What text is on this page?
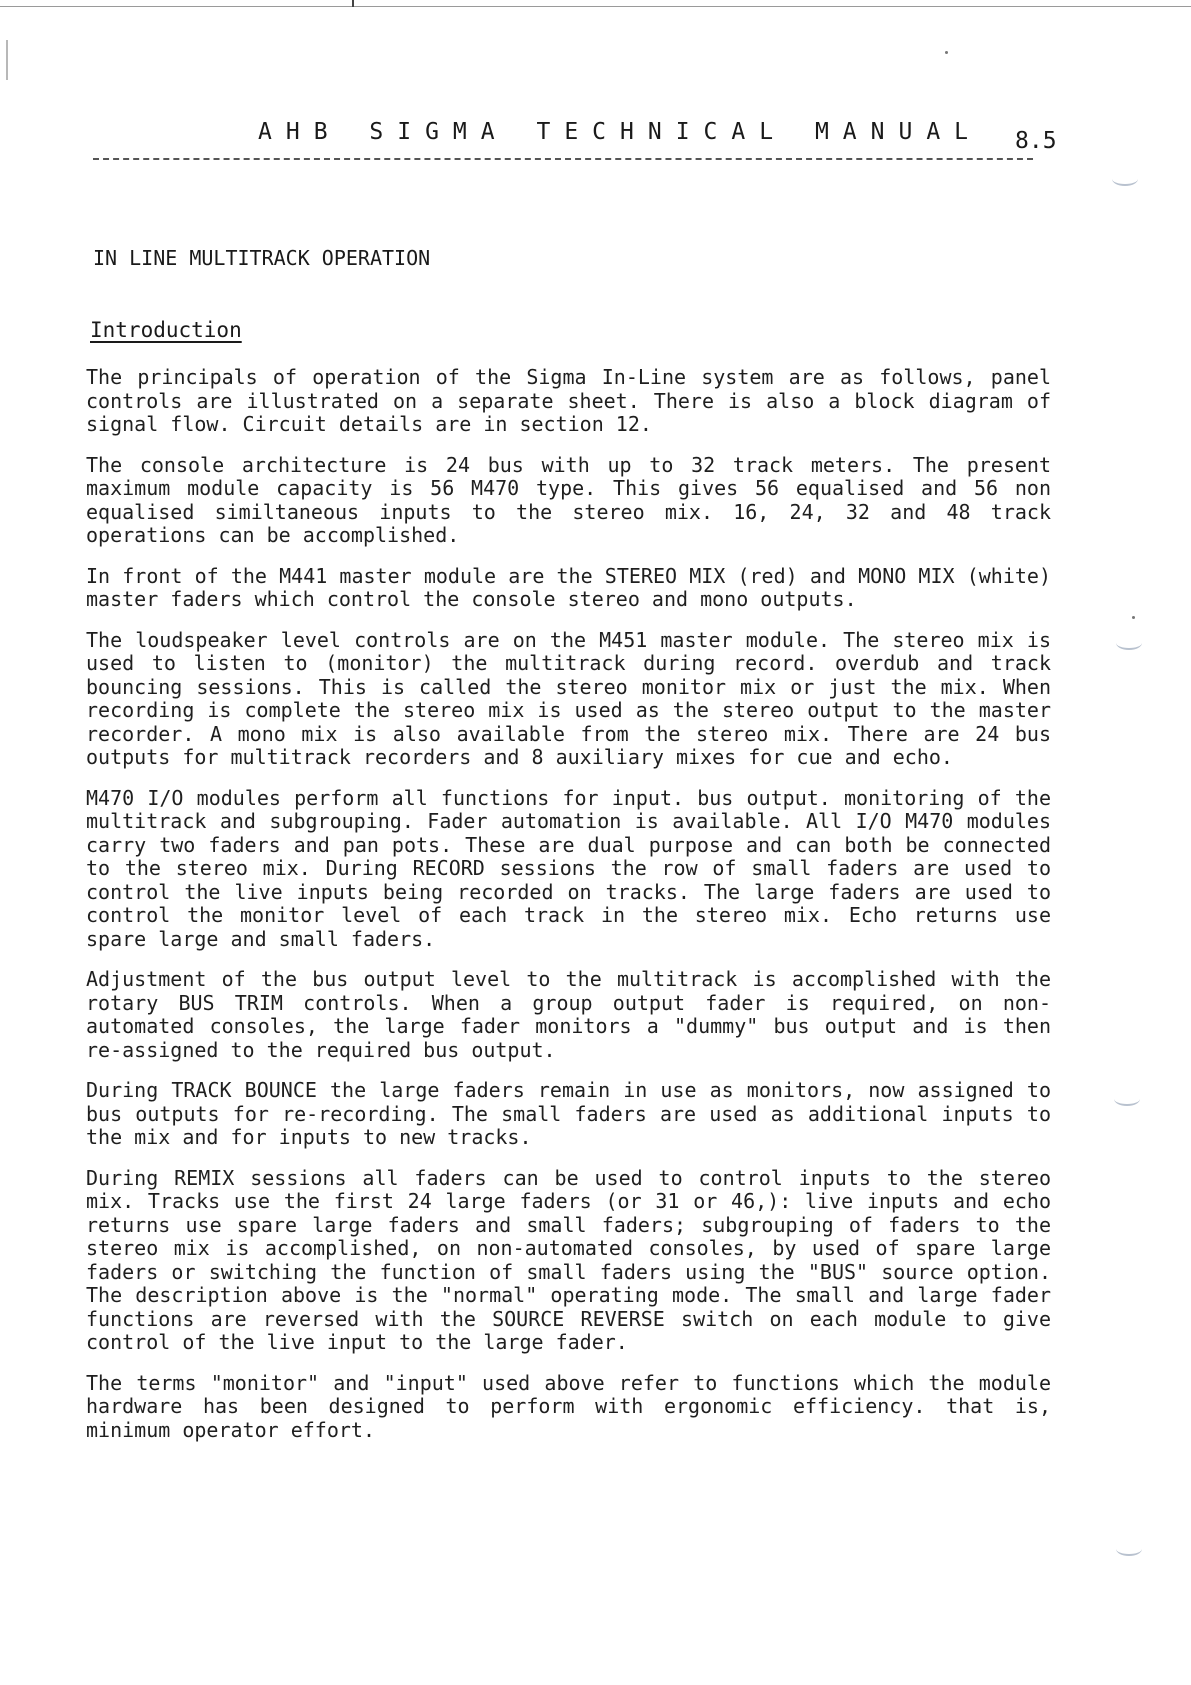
AHB SIGMA TECHNICAL MANUAL 8.5
IN LINE MULTITRACK OPERATION
Introduction

The principals of operation of the Sigma In-Line system are as follows, panel controls are illustrated on a separate sheet. There is also a block diagram of signal flow. Circuit details are in section 12.

The console architecture is 24 bus with up to 32 track meters. The present maximum module capacity is 56 M470 type. This gives 56 equalised and 56 non equalised similtaneous inputs to the stereo mix. 16, 24, 32 and 48 track operations can be accomplished.

In front of the M441 master module are the STEREO MIX (red) and MONO MIX (white) master faders which control the console stereo and mono outputs.

The loudspeaker level controls are on the M451 master module. The stereo mix is used to listen to (monitor) the multitrack during record. overdub and track bouncing sessions. This is called the stereo monitor mix or just the mix. When recording is complete the stereo mix is used as the stereo output to the master recorder. A mono mix is also available from the stereo mix. There are 24 bus outputs for multitrack recorders and 8 auxiliary mixes for cue and echo.

M470 I/O modules perform all functions for input. bus output. monitoring of the multitrack and subgrouping. Fader automation is available. All I/O M470 modules carry two faders and pan pots. These are dual purpose and can both be connected to the stereo mix. During RECORD sessions the row of small faders are used to control the live inputs being recorded on tracks. The large faders are used to control the monitor level of each track in the stereo mix. Echo returns use spare large and small faders.

Adjustment of the bus output level to the multitrack is accomplished with the rotary BUS TRIM controls. When a group output fader is required, on non-automated consoles, the large fader monitors a "dummy" bus output and is then re-assigned to the required bus output.

During TRACK BOUNCE the large faders remain in use as monitors, now assigned to bus outputs for re-recording. The small faders are used as additional inputs to the mix and for inputs to new tracks.

During REMIX sessions all faders can be used to control inputs to the stereo mix. Tracks use the first 24 large faders (or 31 or 46,): live inputs and echo returns use spare large faders and small faders; subgrouping of faders to the stereo mix is accomplished, on non-automated consoles, by used of spare large faders or switching the function of small faders using the "BUS" source option. The description above is the "normal" operating mode. The small and large fader functions are reversed with the SOURCE REVERSE switch on each module to give control of the live input to the large fader.

The terms "monitor" and "input" used above refer to functions which the module hardware has been designed to perform with ergonomic efficiency. that is, minimum operator effort.
